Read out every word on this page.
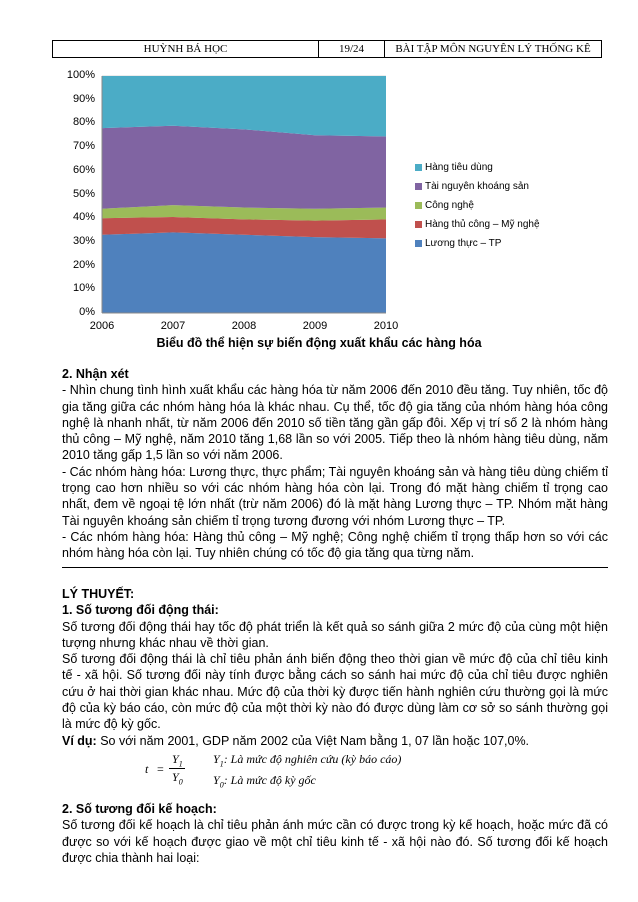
HUỲNH BÁ HỌC	19/24	BÀI TẬP MÔN NGUYÊN LÝ THỐNG KÊ
0%
10%
20%
30%
40%
50%
60%
70%
80%
90%
100%
2006	2007	2008	2009	2010
Hàng tiêu dùng
Tài nguyên khoáng sản
Công nghệ
Hàng thủ công – Mỹ nghệ
Lương thực – TP
Biểu đồ thể hiện sự biến động xuất khẩu các hàng hóa
2. Nhận xét
- Nhìn chung tình hình xuất khẩu các hàng hóa từ năm 2006 đến 2010 đều tăng. Tuy nhiên, tốc độ gia tăng giữa các nhóm hàng hóa là khác nhau. Cụ thể, tốc độ gia tăng của nhóm hàng hóa công nghệ là nhanh nhất, từ năm 2006 đến 2010 số tiền tăng gần gấp đôi. Xếp vị trí số 2 là nhóm hàng thủ công – Mỹ nghệ, năm 2010 tăng 1,68 lần so với 2005. Tiếp theo là nhóm hàng tiêu dùng, năm 2010 tăng gấp 1,5 lần so với năm 2006.
- Các nhóm hàng hóa: Lương thực, thực phẩm; Tài nguyên khoáng sản và hàng tiêu dùng chiếm tỉ trọng cao hơn nhiều so với các nhóm hàng hóa còn lại. Trong đó mặt hàng chiếm tỉ trọng cao nhất, đem về ngoại tệ lớn nhất (trừ năm 2006) đó là mặt hàng Lương thực – TP. Nhóm mặt hàng Tài nguyên khoáng sản chiếm tỉ trọng tương đương với nhóm Lương thực – TP.
- Các nhóm hàng hóa: Hàng thủ công – Mỹ nghệ; Công nghệ chiếm tỉ trọng thấp hơn so với các nhóm hàng hóa còn lại. Tuy nhiên chúng có tốc độ gia tăng qua từng năm.
LÝ THUYẾT:
1. Số tương đối động thái:
Số tương đối động thái hay tốc độ phát triển là kết quả so sánh giữa 2 mức độ của cùng một hiện tượng nhưng khác nhau về thời gian.
Số tương đối động thái là chỉ tiêu phản ánh biến động theo thời gian về mức độ của chỉ tiêu kinh tế - xã hội. Số tương đối này tính được bằng cách so sánh hai mức độ của chỉ tiêu được nghiên cứu ở hai thời gian khác nhau. Mức độ của thời kỳ được tiến hành nghiên cứu thường gọi là mức độ của kỳ báo cáo, còn mức độ của một thời kỳ nào đó được dùng làm cơ sở so sánh thường gọi là mức độ kỳ gốc.
Ví dụ: So với năm 2001, GDP năm 2002 của Việt Nam bằng 1, 07 lần hoặc 107,0%.
t =
$Y_1$
$Y_0$
$Y_1$: Là mức độ nghiên cứu (kỳ báo cáo)
$Y_0$: Là mức độ kỳ gốc
2. Số tương đối kế hoạch:
Số tương đối kế hoạch là chỉ tiêu phản ánh mức cần có được trong kỳ kế hoạch, hoặc mức đã có được so với kế hoạch được giao về một chỉ tiêu kinh tế - xã hội nào đó. Số tương đối kế hoạch được chia thành hai loại:
